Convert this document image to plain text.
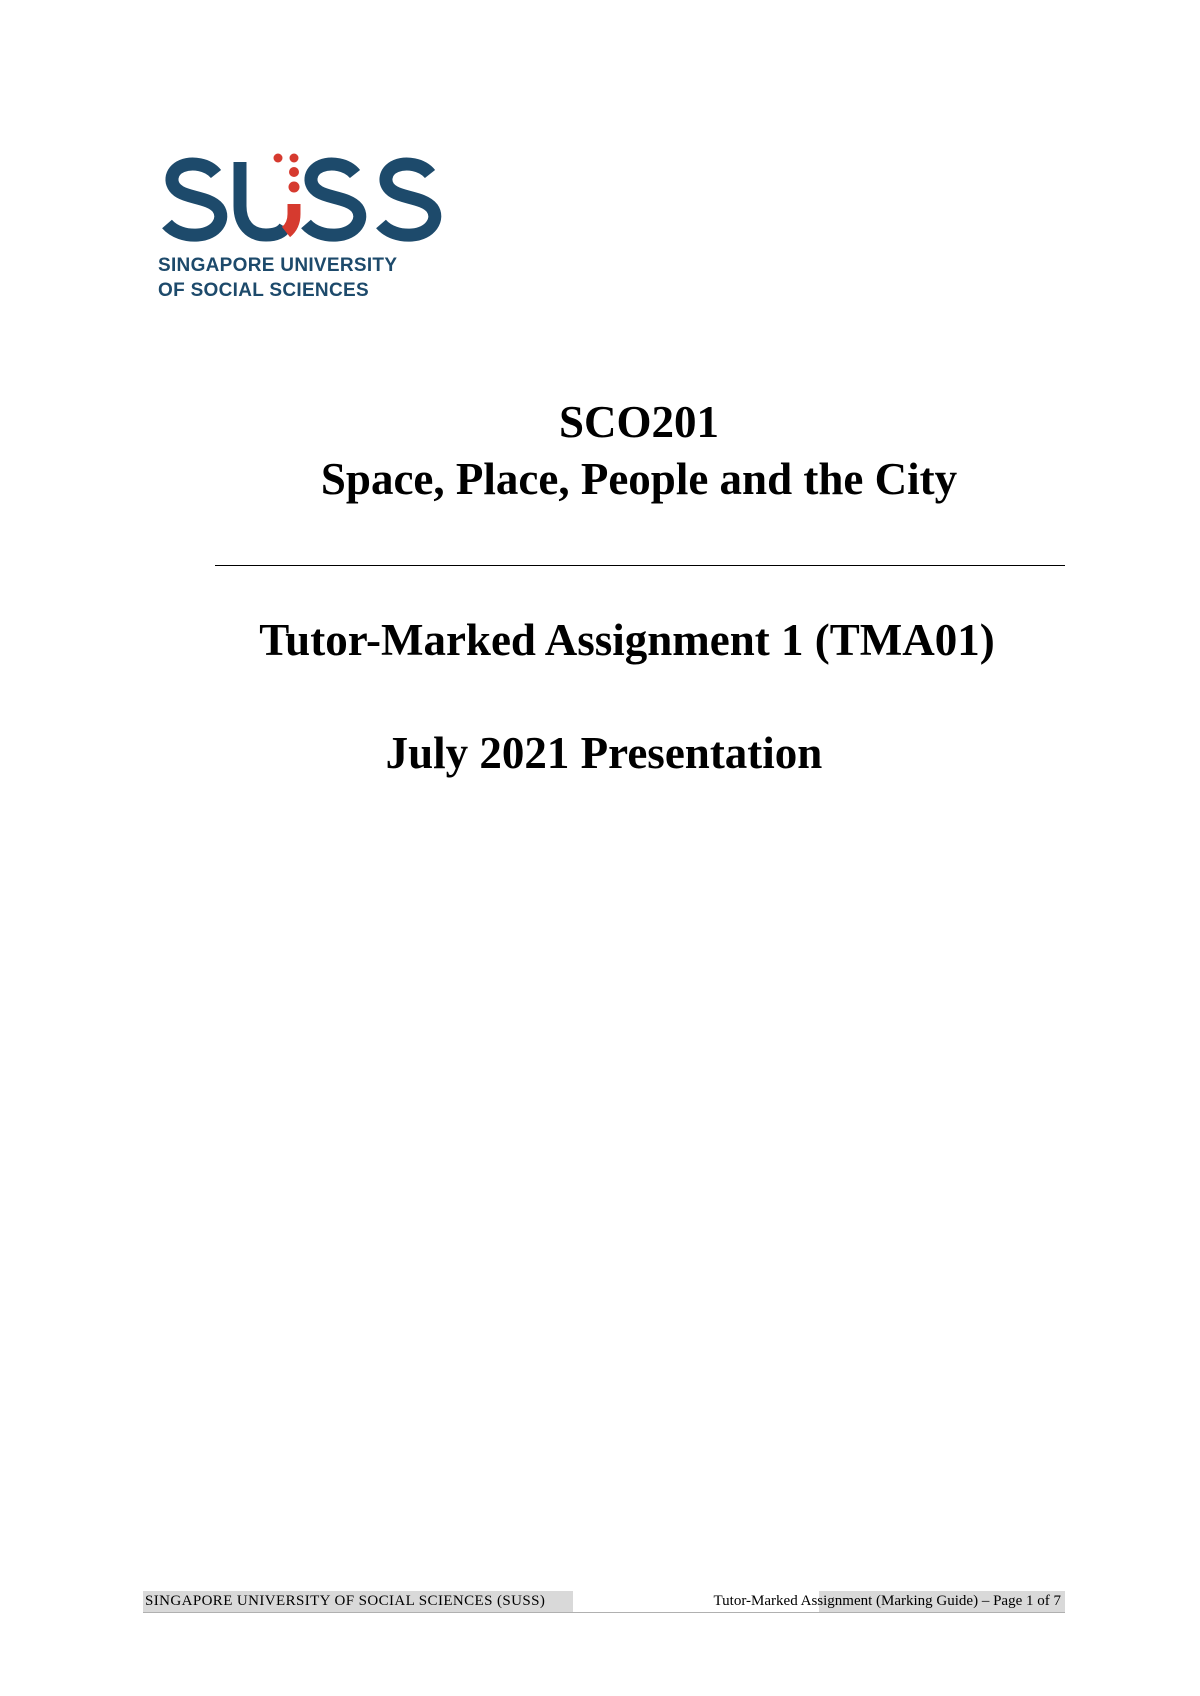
SINGAPORE UNIVERSITY
OF SOCIAL SCIENCES
SCO201
Space, Place, People and the City
Tutor-Marked Assignment 1 (TMA01)
July 2021 Presentation
SINGAPORE UNIVERSITY OF SOCIAL SCIENCES (SUSS)	Tutor-Marked Assignment (Marking Guide) – Page 1 of 7
